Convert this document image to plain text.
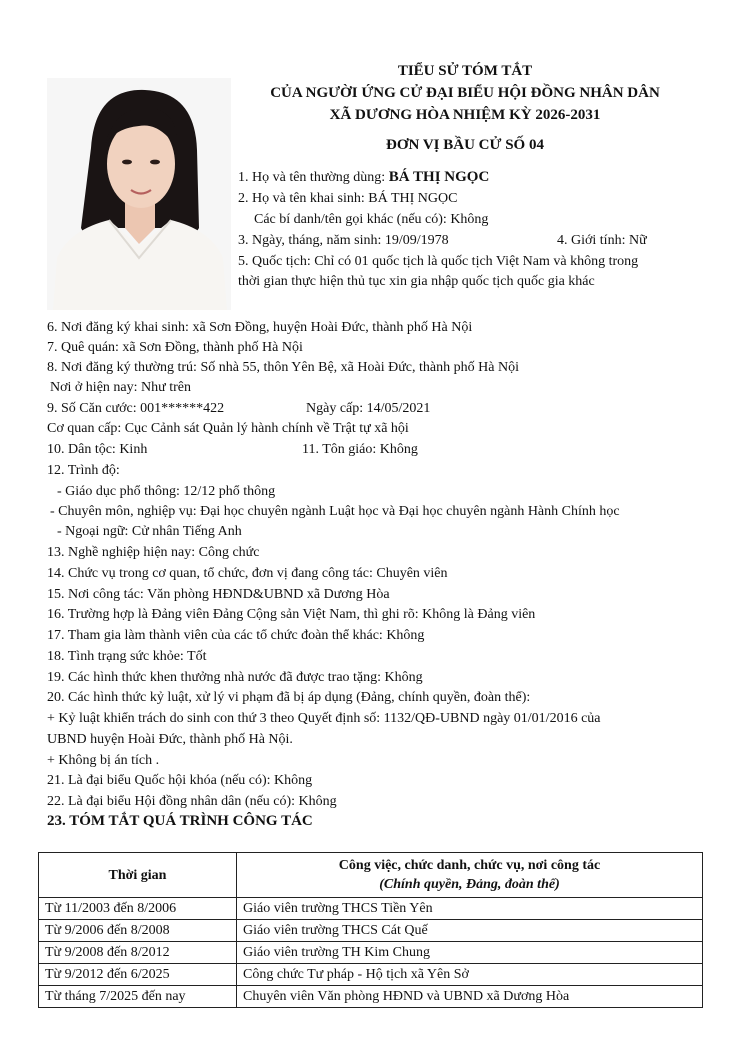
TIỂU SỬ TÓM TẮT
CỦA NGƯỜI ỨNG CỬ ĐẠI BIỂU HỘI ĐỒNG NHÂN DÂN
XÃ DƯƠNG HÒA NHIỆM KỲ 2026-2031
ĐƠN VỊ BẦU CỬ SỐ 04
1. Họ và tên thường dùng: BÁ THỊ NGỌC
2. Họ và tên khai sinh: BÁ THỊ NGỌC
Các bí danh/tên gọi khác (nếu có): Không
3. Ngày, tháng, năm sinh: 19/09/1978	4. Giới tính: Nữ
5. Quốc tịch: Chỉ có 01 quốc tịch là quốc tịch Việt Nam và không trong
thời gian thực hiện thủ tục xin gia nhập quốc tịch quốc gia khác
6. Nơi đăng ký khai sinh: xã Sơn Đồng, huyện Hoài Đức, thành phố Hà Nội
7. Quê quán: xã Sơn Đồng, thành phố Hà Nội
8. Nơi đăng ký thường trú: Số nhà 55, thôn Yên Bệ, xã Hoài Đức, thành phố Hà Nội
Nơi ở hiện nay: Như trên
9. Số Căn cước: 001******422	Ngày cấp: 14/05/2021
Cơ quan cấp: Cục Cảnh sát Quản lý hành chính về Trật tự xã hội
10. Dân tộc: Kinh	11. Tôn giáo: Không
12. Trình độ:
- Giáo dục phổ thông: 12/12 phổ thông
- Chuyên môn, nghiệp vụ: Đại học chuyên ngành Luật học và Đại học chuyên ngành Hành Chính học
- Ngoại ngữ: Cử nhân Tiếng Anh
13. Nghề nghiệp hiện nay: Công chức
14. Chức vụ trong cơ quan, tổ chức, đơn vị đang công tác: Chuyên viên
15. Nơi công tác: Văn phòng HĐND&UBND xã Dương Hòa
16. Trường hợp là Đảng viên Đảng Cộng sản Việt Nam, thì ghi rõ: Không là Đảng viên
17. Tham gia làm thành viên của các tổ chức đoàn thể khác: Không
18. Tình trạng sức khỏe: Tốt
19. Các hình thức khen thưởng nhà nước đã được trao tặng: Không
20. Các hình thức kỷ luật, xử lý vi phạm đã bị áp dụng (Đảng, chính quyền, đoàn thể):
+ Kỷ luật khiển trách do sinh con thứ 3 theo Quyết định số: 1132/QĐ-UBND ngày 01/01/2016 của
UBND huyện Hoài Đức, thành phố Hà Nội.
+ Không bị án tích .
21. Là đại biểu Quốc hội khóa (nếu có): Không
22. Là đại biểu Hội đồng nhân dân (nếu có): Không
23. TÓM TẮT QUÁ TRÌNH CÔNG TÁC
Thời gian	Công việc, chức danh, chức vụ, nơi công tác
(Chính quyền, Đảng, đoàn thể)

Từ 11/2003 đến 8/2006	Giáo viên trường THCS Tiền Yên
Từ 9/2006 đến 8/2008	Giáo viên trường THCS Cát Quế
Từ 9/2008 đến 8/2012	Giáo viên trường TH Kim Chung
Từ 9/2012 đến 6/2025	Công chức Tư pháp - Hộ tịch xã Yên Sở
Từ tháng 7/2025 đến nay	Chuyên viên Văn phòng HĐND và UBND xã Dương Hòa
